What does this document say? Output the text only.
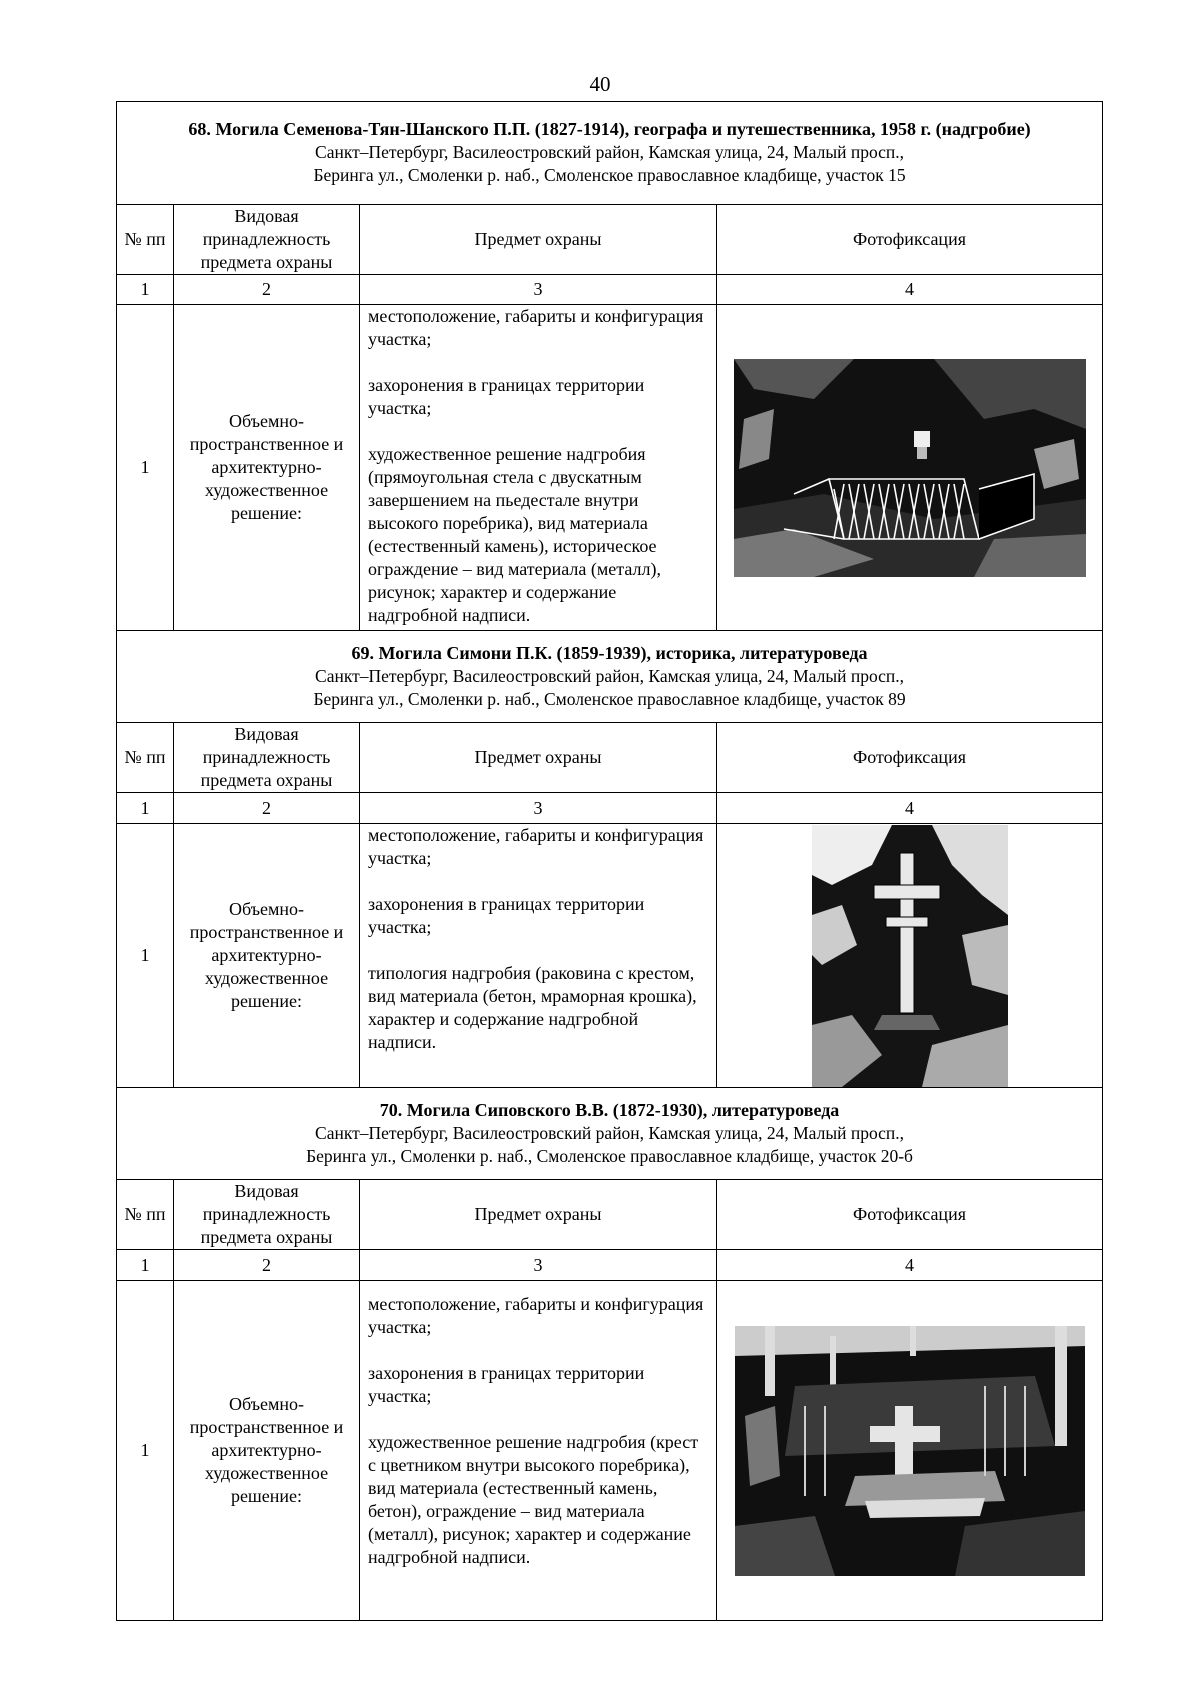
40
68. Могила Семенова-Тян-Шанского П.П. (1827-1914), географа и путешественника, 1958 г. (надгробие)
Санкт–Петербург, Василеостровский район, Камская улица, 24, Малый просп.,
Беринга ул., Смоленки р. наб., Смоленское православное кладбище, участок 15			

№ пп	Видовая принадлежность предмета охраны	Предмет охраны	Фотофиксация
1	2	3	4
1	Объемно-пространственное и архитектурно-художественное решение:	местоположение, габариты и конфигурация участка;

захоронения в границах территории участка;

художественное решение надгробия (прямоугольная стела с двускатным завершением на пьедестале внутри высокого поребрика), вид материала (естественный камень), историческое ограждение – вид материала (металл), рисунок; характер и содержание надгробной надписи.

69. Могила Симони П.К. (1859-1939), историка, литературоведа
Санкт–Петербург, Василеостровский район, Камская улица, 24, Малый просп.,
Беринга ул., Смоленки р. наб., Смоленское православное кладбище, участок 89			

№ пп	Видовая принадлежность предмета охраны	Предмет охраны	Фотофиксация
1	2	3	4
1	Объемно-пространственное и архитектурно-художественное решение:	местоположение, габариты и конфигурация участка;

захоронения в границах территории участка;

типология надгробия (раковина с крестом, вид материала (бетон, мраморная крошка), характер и содержание надгробной надписи.

70. Могила Сиповского В.В. (1872-1930), литературоведа
Санкт–Петербург, Василеостровский район, Камская улица, 24, Малый просп.,
Беринга ул., Смоленки р. наб., Смоленское православное кладбище, участок 20-б			

№ пп	Видовая принадлежность предмета охраны	Предмет охраны	Фотофиксация
1	2	3	4
1	Объемно-пространственное и архитектурно-художественное решение:	местоположение, габариты и конфигурация участка;

захоронения в границах территории участка;

художественное решение надгробия (крест с цветником внутри высокого поребрика), вид материала (естественный камень, бетон), ограждение – вид материала (металл), рисунок; характер и содержание надгробной надписи.
